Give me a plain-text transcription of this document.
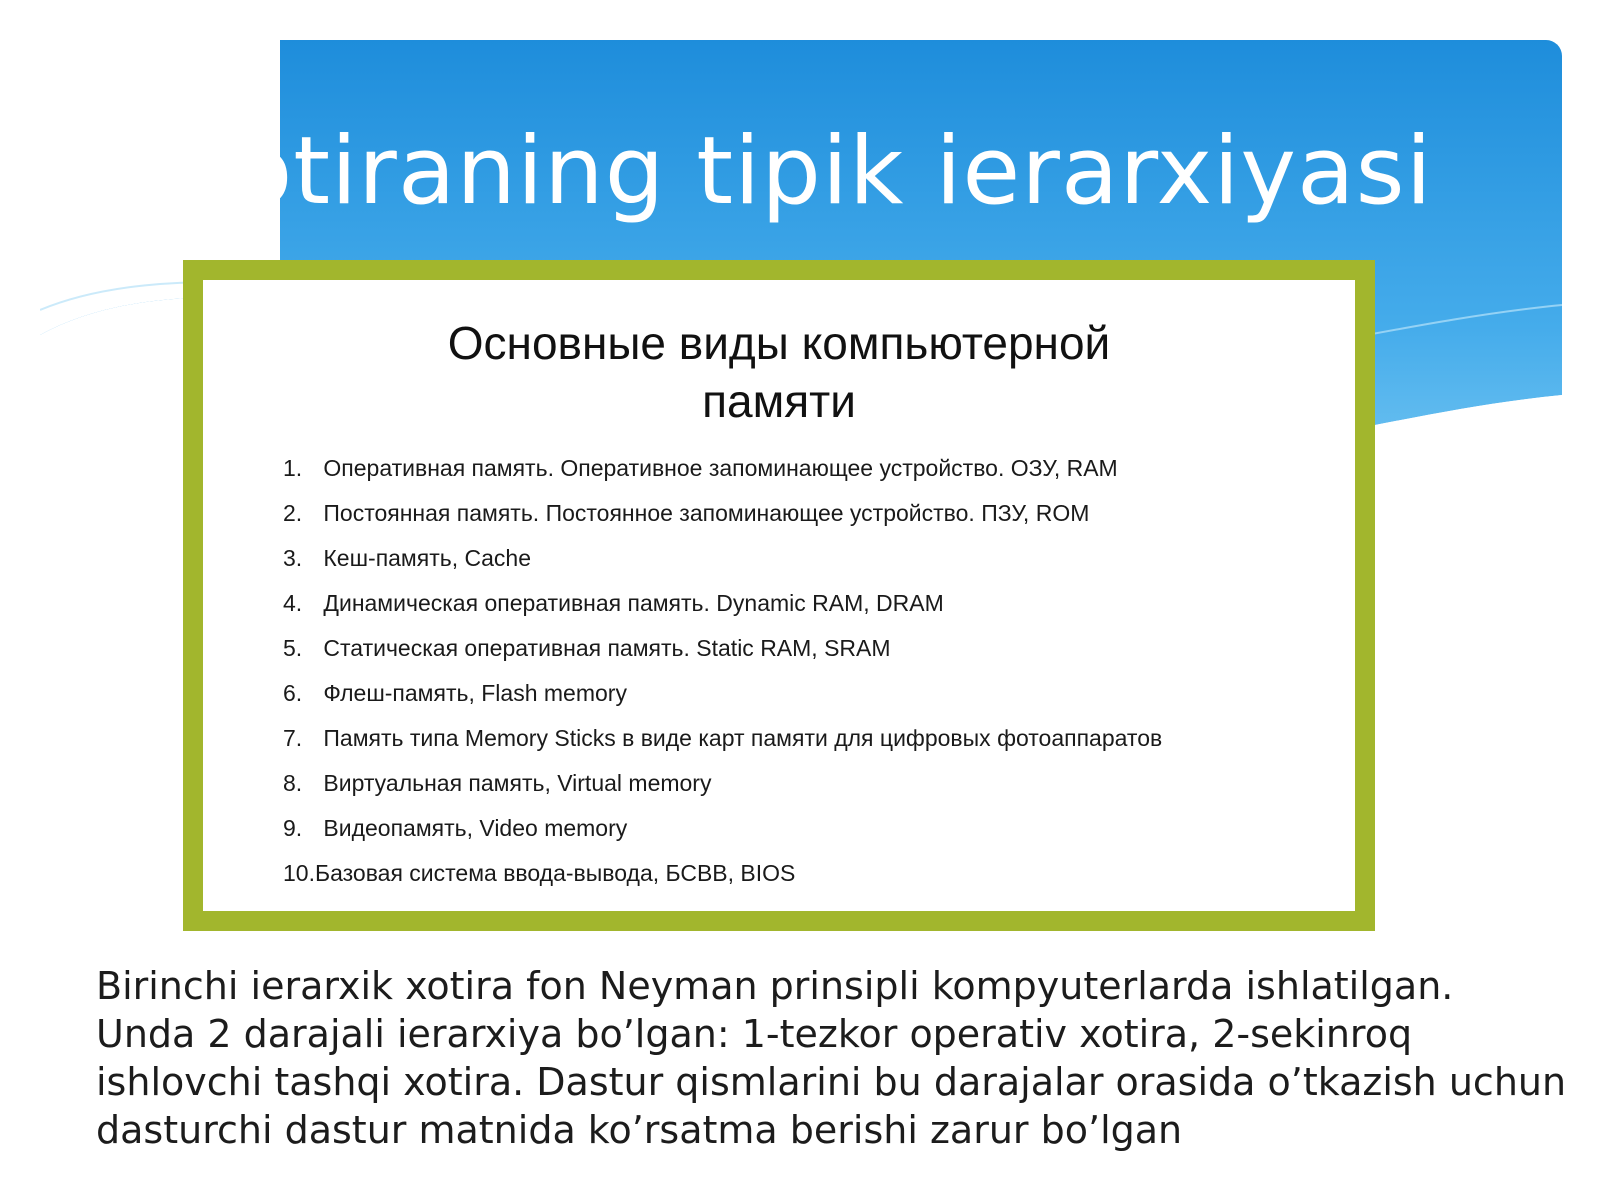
Xotiraning tipik ierarxiyasi
Основные виды компьютерной
памяти
1. Оперативная память. Оперативное запоминающее устройство. ОЗУ, RAM
2. Постоянная память. Постоянное запоминающее устройство. ПЗУ, ROM
3. Кеш-память, Cache
4. Динамическая оперативная память. Dynamic RAM, DRAM
5. Статическая оперативная память. Static RAM, SRAM
6. Флеш-память, Flash memory
7. Память типа Memory Sticks в виде карт памяти для цифровых фотоаппаратов
8. Виртуальная память, Virtual memory
9. Видеопамять, Video memory
10.Базовая система ввода-вывода, БСВВ, BIOS

Birinchi ierarxik xotira fon Neyman prinsipli kompyuterlarda ishlatilgan.
Unda 2 darajali ierarxiya bo’lgan: 1-tezkor operativ xotira, 2-sekinroq
ishlovchi tashqi xotira. Dastur qismlarini bu darajalar orasida o’tkazish uchun
dasturchi dastur matnida ko’rsatma berishi zarur bo’lgan
